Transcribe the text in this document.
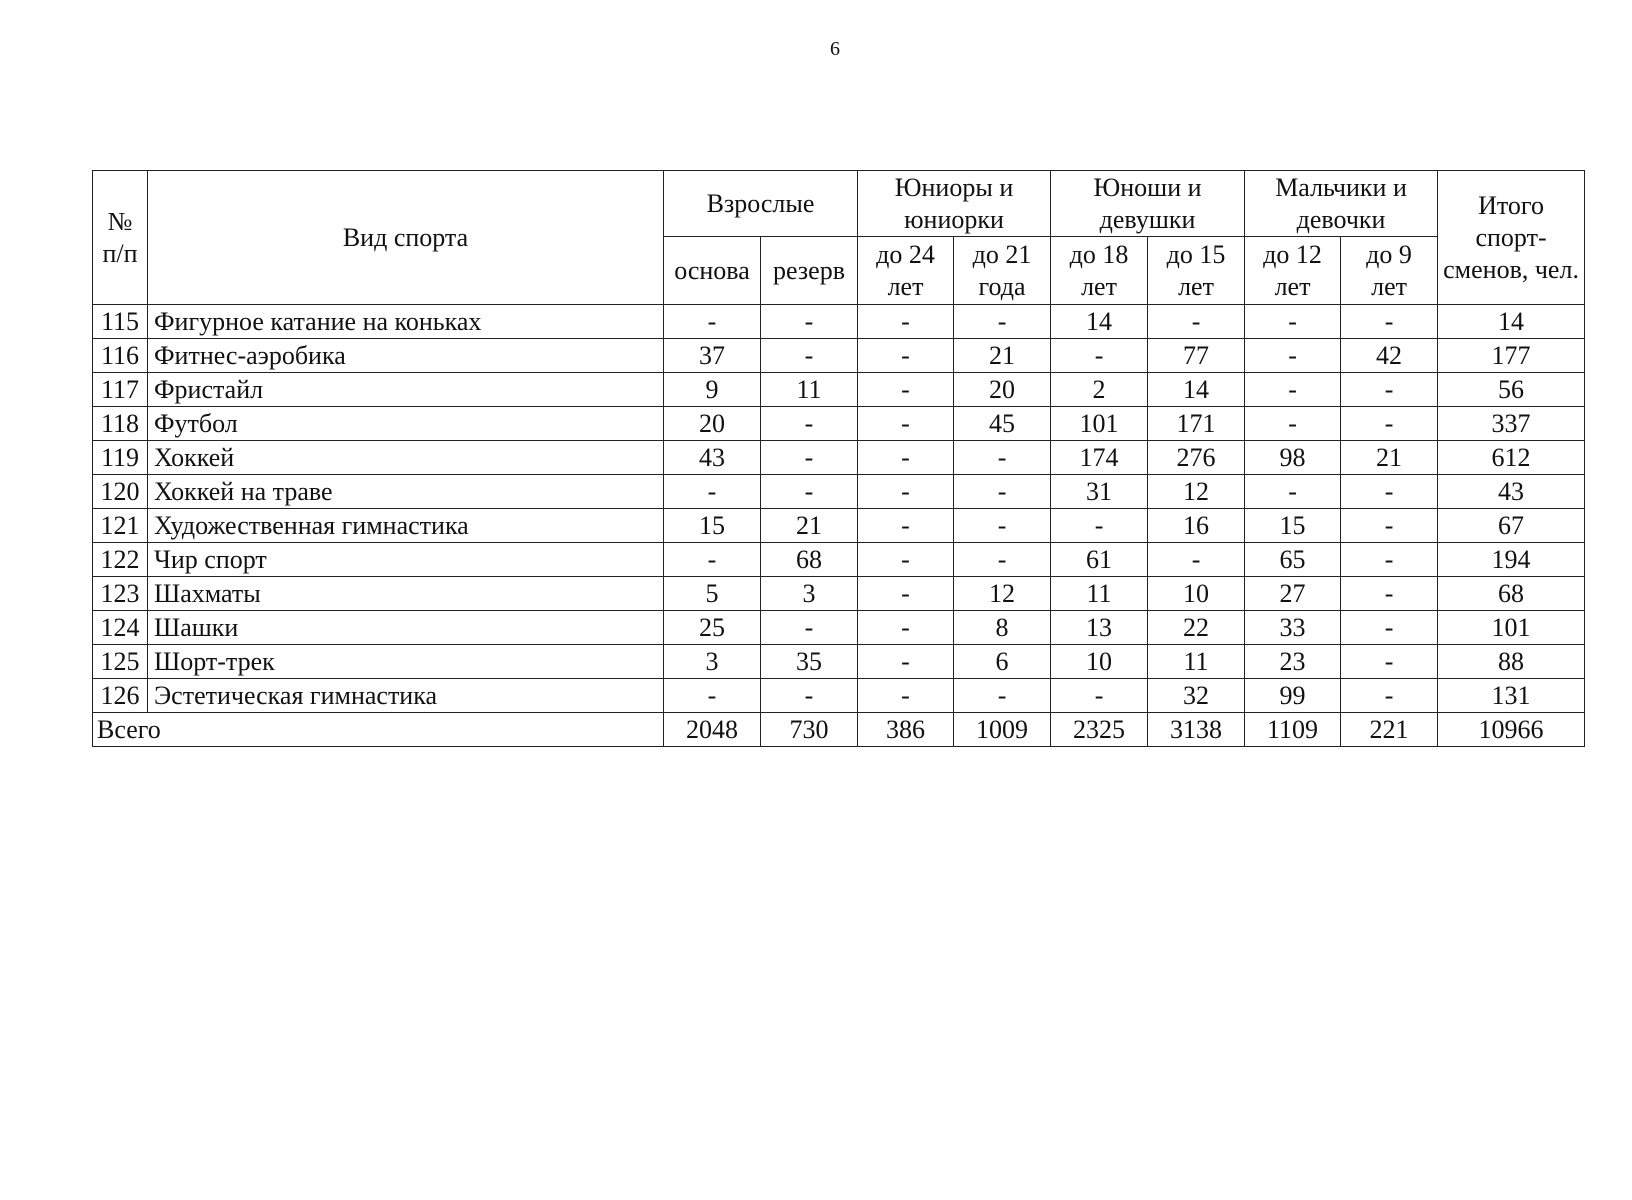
6
№ п/п	Вид спорта	Взрослые		Юниоры и юниорки		Юноши и девушки		Мальчики и девочки		Итого спорт-сменов, чел.
		основа	резерв	до 24 лет	до 21 года	до 18 лет	до 15 лет	до 12 лет	до 9 лет	
115	Фигурное катание на коньках	-	-	-	-	14	-	-	-	14
116	Фитнес-аэробика	37	-	-	21	-	77	-	42	177
117	Фристайл	9	11	-	20	2	14	-	-	56
118	Футбол	20	-	-	45	101	171	-	-	337
119	Хоккей	43	-	-	-	174	276	98	21	612
120	Хоккей на траве	-	-	-	-	31	12	-	-	43
121	Художественная гимнастика	15	21	-	-	-	16	15	-	67
122	Чир спорт	-	68	-	-	61	-	65	-	194
123	Шахматы	5	3	-	12	11	10	27	-	68
124	Шашки	25	-	-	8	13	22	33	-	101
125	Шорт-трек	3	35	-	6	10	11	23	-	88
126	Эстетическая гимнастика	-	-	-	-	-	32	99	-	131
Всего		2048	730	386	1009	2325	3138	1109	221	10966
